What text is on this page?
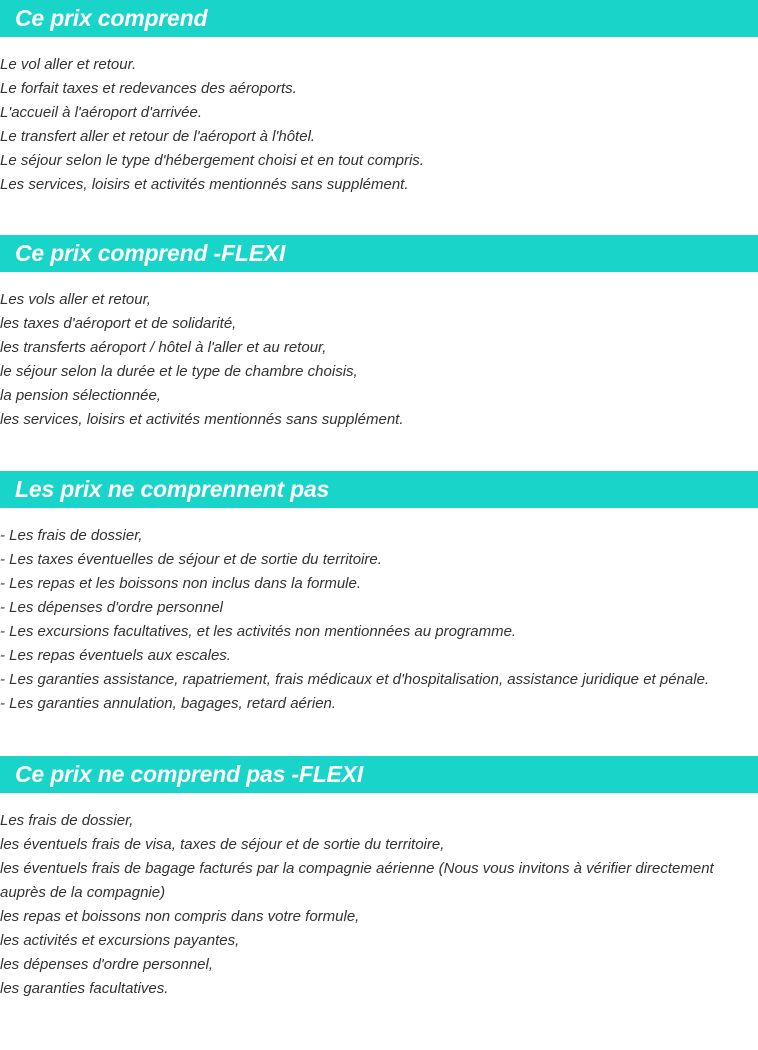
Ce prix comprend

Le vol aller et retour.

Le forfait taxes et redevances des aéroports.

L'accueil à l'aéroport d'arrivée.

Le transfert aller et retour de l'aéroport à l'hôtel.

Le séjour selon le type d'hébergement choisi et en tout compris.

Les services, loisirs et activités mentionnés sans supplément.

Ce prix comprend -FLEXI

Les vols aller et retour,

les taxes d'aéroport et de solidarité,

les transferts aéroport / hôtel à l'aller et au retour,

le séjour selon la durée et le type de chambre choisis,

la pension sélectionnée,

les services, loisirs et activités mentionnés sans supplément.

Les prix ne comprennent pas

- Les frais de dossier,

- Les taxes éventuelles de séjour et de sortie du territoire.

- Les repas et les boissons non inclus dans la formule.

- Les dépenses d'ordre personnel

- Les excursions facultatives, et les activités non mentionnées au programme.

- Les repas éventuels aux escales.

- Les garanties assistance, rapatriement, frais médicaux et d'hospitalisation, assistance juridique et pénale.

- Les garanties annulation, bagages, retard aérien.

Ce prix ne comprend pas -FLEXI

Les frais de dossier,

les éventuels frais de visa, taxes de séjour et de sortie du territoire,

les éventuels frais de bagage facturés par la compagnie aérienne (Nous vous invitons à vérifier directement auprès de la compagnie)

les repas et boissons non compris dans votre formule,

les activités et excursions payantes,

les dépenses d'ordre personnel,

les garanties facultatives.
